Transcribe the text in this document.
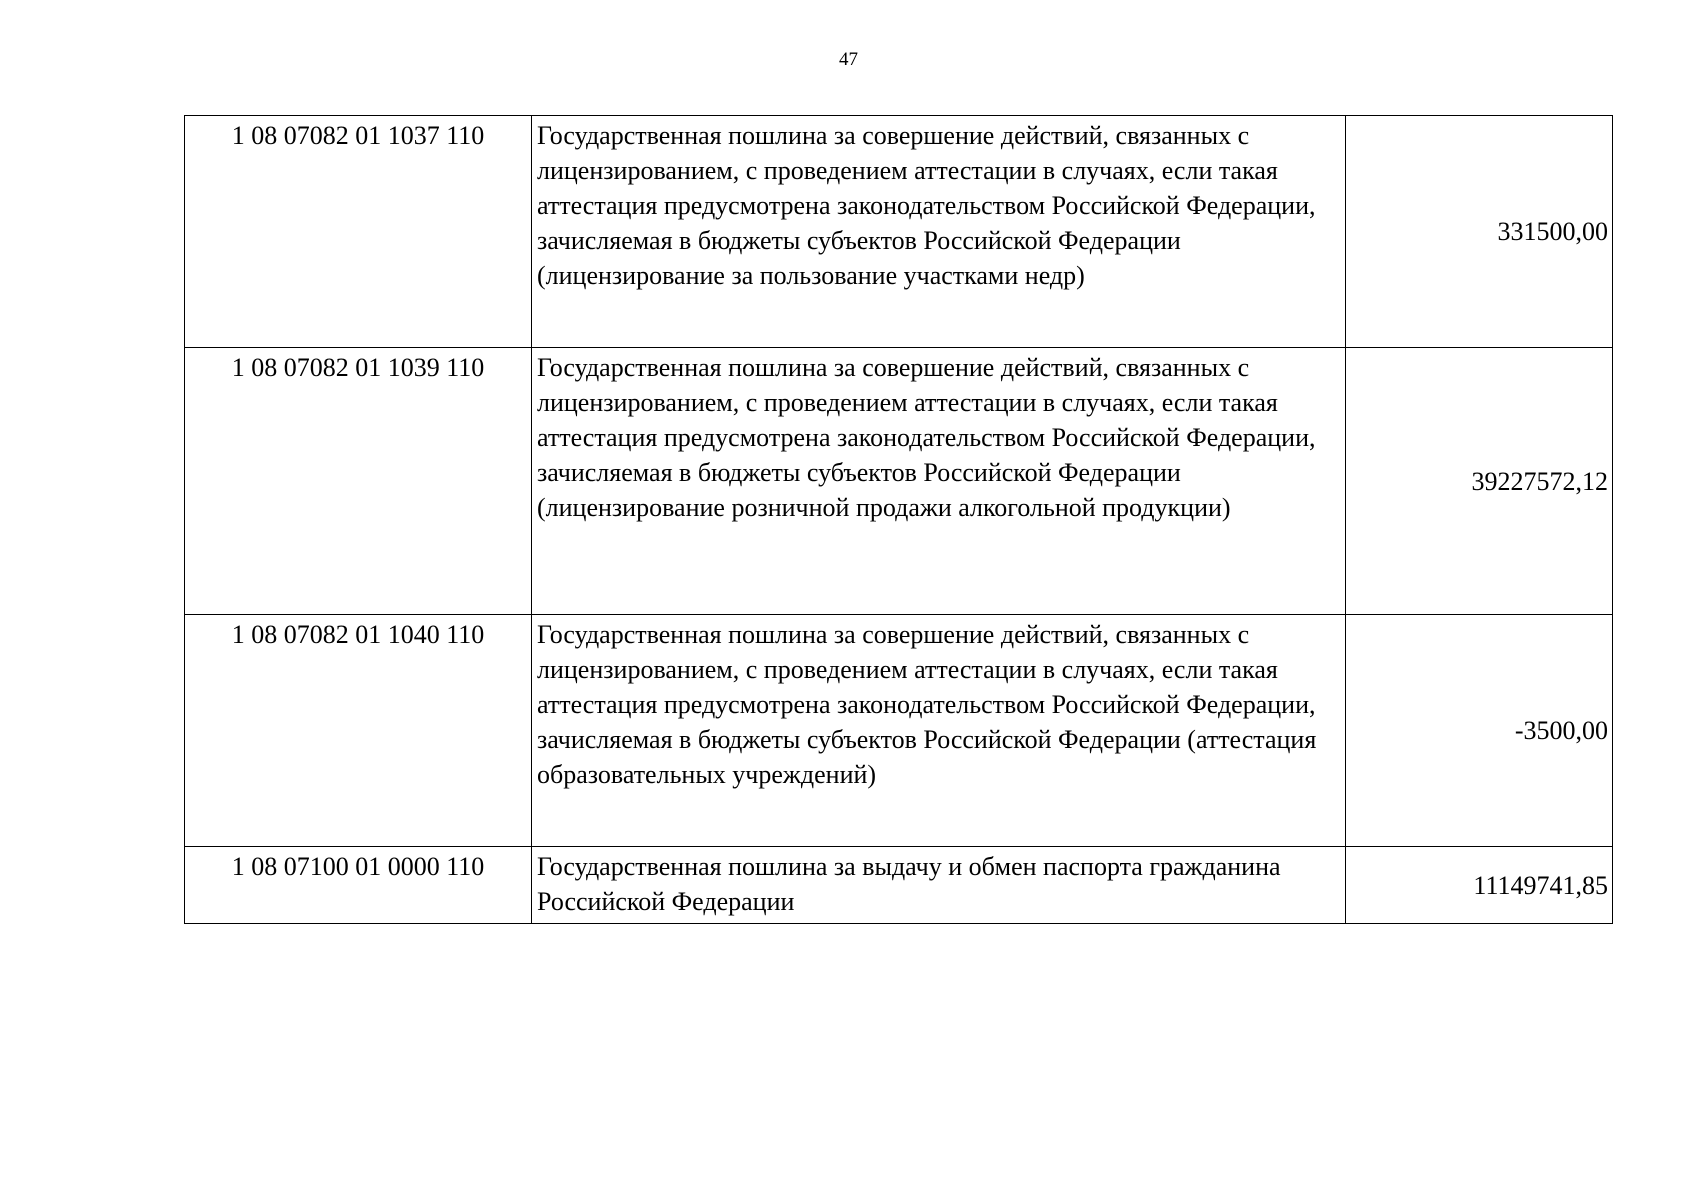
47
1 08 07082 01 1037 110	Государственная пошлина за совершение действий, связанных с лицензированием, с проведением аттестации в случаях, если такая аттестация предусмотрена законодательством Российской Федерации, зачисляемая в бюджеты субъектов Российской Федерации (лицензирование за пользование участками недр)	331500,00
1 08 07082 01 1039 110	Государственная пошлина за совершение действий, связанных с лицензированием, с проведением аттестации в случаях, если такая аттестация предусмотрена законодательством Российской Федерации, зачисляемая в бюджеты субъектов Российской Федерации (лицензирование розничной продажи алкогольной продукции)	39227572,12
1 08 07082 01 1040 110	Государственная пошлина за совершение действий, связанных с лицензированием, с проведением аттестации в случаях, если такая аттестация предусмотрена законодательством Российской Федерации, зачисляемая в бюджеты субъектов Российской Федерации (аттестация образовательных учреждений)	-3500,00
1 08 07100 01 0000 110	Государственная пошлина за выдачу и обмен паспорта гражданина Российской Федерации	11149741,85
